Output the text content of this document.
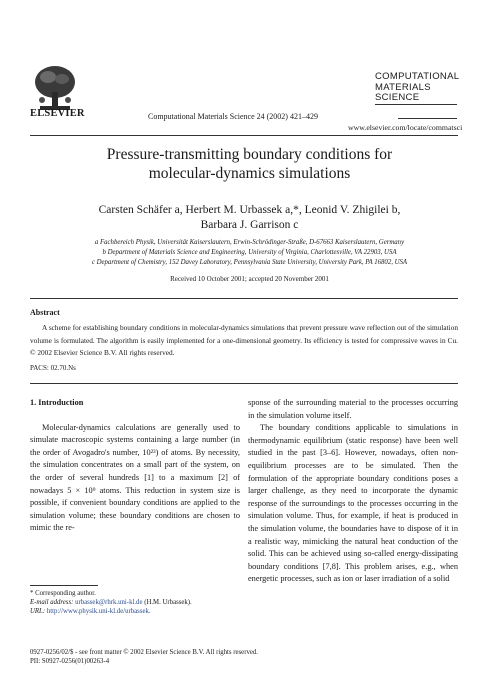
ELSEVIER	Computational Materials Science 24 (2002) 421–429
COMPUTATIONAL
MATERIALS
SCIENCE
www.elsevier.com/locate/commatsci
Pressure-transmitting boundary conditions for
molecular-dynamics simulations
Carsten Schäfer a, Herbert M. Urbassek a,*, Leonid V. Zhigilei b,
Barbara J. Garrison c
a Fachbereich Physik, Universität Kaiserslautern, Erwin-Schrödinger-Straße, D-67663 Kaiserslautern, Germany
b Department of Materials Science and Engineering, University of Virginia, Charlottesville, VA 22903, USA
c Department of Chemistry, 152 Davey Laboratory, Pennsylvania State University, University Park, PA 16802, USA
Received 10 October 2001; accepted 20 November 2001
Abstract
A scheme for establishing boundary conditions in molecular-dynamics simulations that prevent pressure wave reflection out of the simulation volume is formulated. The algorithm is easily implemented for a one-dimensional geometry. Its efficiency is tested for compressive waves in Cu. © 2002 Elsevier Science B.V. All rights reserved.
PACS: 02.70.Ns

1. Introduction

Molecular-dynamics calculations are generally used to simulate macroscopic systems containing a large number (in the order of Avogadro's number, 10²³) of atoms. By necessity, the simulation concentrates on a small part of the system, on the order of several hundreds [1] to a maximum [2] of nowadays 5 × 10⁹ atoms. This reduction in system size is possible, if convenient boundary conditions are applied to the simulation volume; these boundary conditions are chosen to mimic the re-

sponse of the surrounding material to the processes occurring in the simulation volume itself.

The boundary conditions applicable to simulations in thermodynamic equilibrium (static response) have been well studied in the past [3–6]. However, nowadays, often non-equilibrium processes are to be simulated. Then the formulation of the appropriate boundary conditions poses a larger challenge, as they need to incorporate the dynamic response of the surroundings to the processes occurring in the simulation volume. Thus, for example, if heat is produced in the simulation volume, the boundaries have to dispose of it in a realistic way, mimicking the natural heat conduction of the solid. This can be achieved using so-called energy-dissipating boundary conditions [7,8]. This problem arises, e.g., when energetic processes, such as ion or laser irradiation of a solid

* Corresponding author.
E-mail address: urbassek@rhrk.uni-kl.de (H.M. Urbassek).
URL: http://www.physik.uni-kl.de/urbassek.
0927-0256/02/$ - see front matter © 2002 Elsevier Science B.V. All rights reserved.
PII: S0927-0256(01)00263-4
